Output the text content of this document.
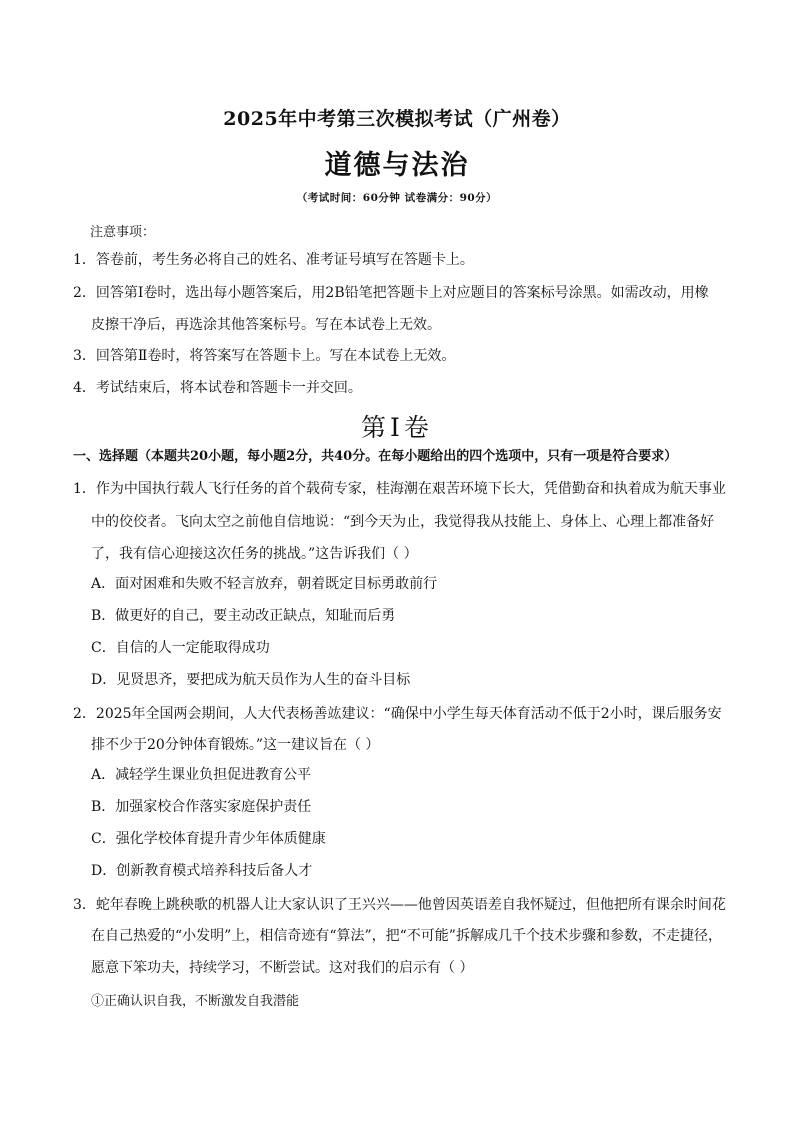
2025年中考第三次模拟考试（广州卷）
道德与法治
（考试时间：60分钟 试卷满分：90分）
注意事项：
1．答卷前，考生务必将自己的姓名、准考证号填写在答题卡上。
2．回答第Ⅰ卷时，选出每小题答案后，用2B铅笔把答题卡上对应题目的答案标号涂黑。如需改动，用橡
皮擦干净后，再选涂其他答案标号。写在本试卷上无效。
3．回答第Ⅱ卷时，将答案写在答题卡上。写在本试卷上无效。
4．考试结束后，将本试卷和答题卡一并交回。
第Ⅰ卷
一、选择题（本题共20小题，每小题2分，共40分。在每小题给出的四个选项中，只有一项是符合要求）
1．作为中国执行载人飞行任务的首个载荷专家，桂海潮在艰苦环境下长大，凭借勤奋和执着成为航天事业
中的佼佼者。飞向太空之前他自信地说：“到今天为止，我觉得我从技能上、身体上、心理上都准备好
了，我有信心迎接这次任务的挑战。”这告诉我们（ ）
A．面对困难和失败不轻言放弃，朝着既定目标勇敢前行
B．做更好的自己，要主动改正缺点，知耻而后勇
C．自信的人一定能取得成功
D．见贤思齐，要把成为航天员作为人生的奋斗目标
2．2025年全国两会期间，人大代表杨善竑建议：“确保中小学生每天体育活动不低于2小时，课后服务安
排不少于20分钟体育锻炼。”这一建议旨在（ ）
A．减轻学生课业负担促进教育公平
B．加强家校合作落实家庭保护责任
C．强化学校体育提升青少年体质健康
D．创新教育模式培养科技后备人才
3．蛇年春晚上跳秧歌的机器人让大家认识了王兴兴——他曾因英语差自我怀疑过，但他把所有课余时间花
在自己热爱的“小发明”上，相信奇迹有“算法”，把“不可能”拆解成几千个技术步骤和参数，不走捷径，
愿意下笨功夫，持续学习，不断尝试。这对我们的启示有（ ）
①正确认识自我，不断激发自我潜能
